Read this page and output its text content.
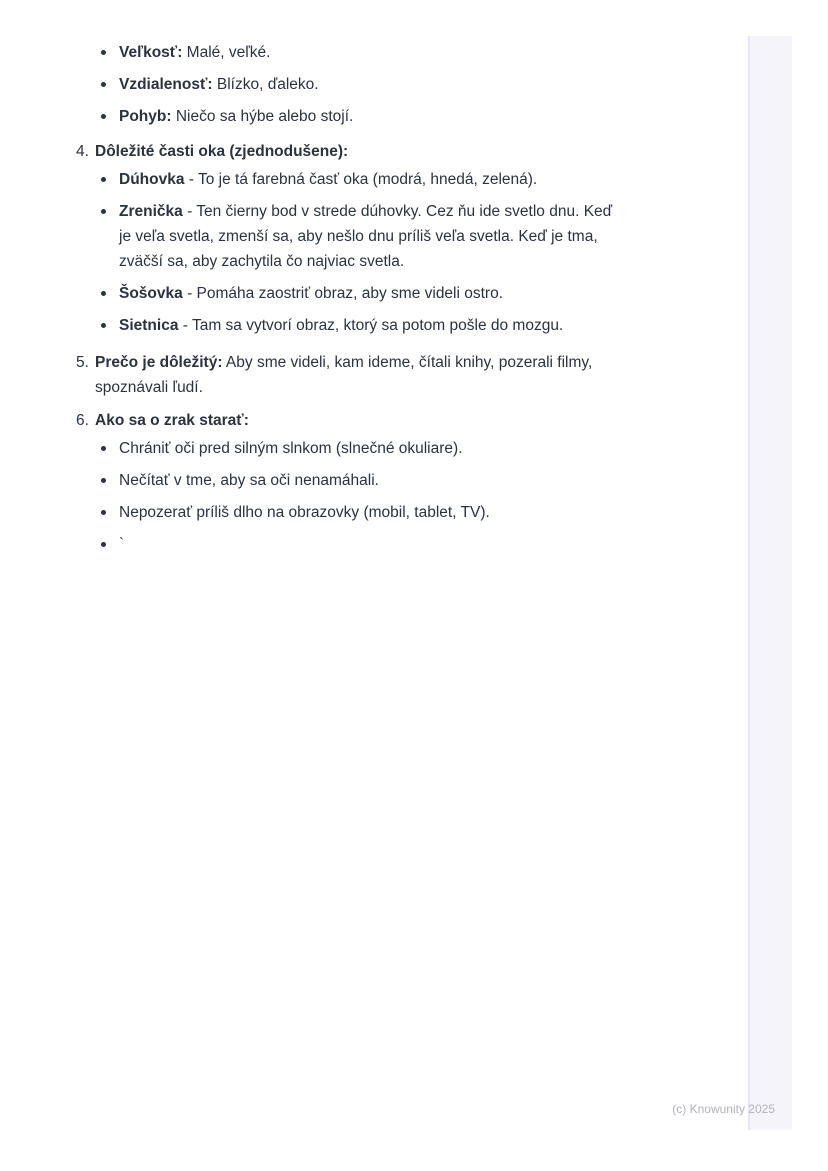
Veľkosť: Malé, veľké.
Vzdialenosť: Blízko, ďaleko.
Pohyb: Niečo sa hýbe alebo stojí.
4. Dôležité časti oka (zjednodušene):
Dúhovka - To je tá farebná časť oka (modrá, hnedá, zelená).
Zrenička - Ten čierny bod v strede dúhovky. Cez ňu ide svetlo dnu. Keď je veľa svetla, zmenší sa, aby nešlo dnu príliš veľa svetla. Keď je tma, zväčší sa, aby zachytila čo najviac svetla.
Šošovka - Pomáha zaostriť obraz, aby sme videli ostro.
Sietnica - Tam sa vytvorí obraz, ktorý sa potom pošle do mozgu.
5. Prečo je dôležitý: Aby sme videli, kam ideme, čítali knihy, pozerali filmy, spoznávali ľudí.
6. Ako sa o zrak starať:
Chrániť oči pred silným slnkom (slnečné okuliare).
Nečítať v tme, aby sa oči nenamáhali.
Nepozerať príliš dlho na obrazovky (mobil, tablet, TV).
`
(c) Knowunity 2025
